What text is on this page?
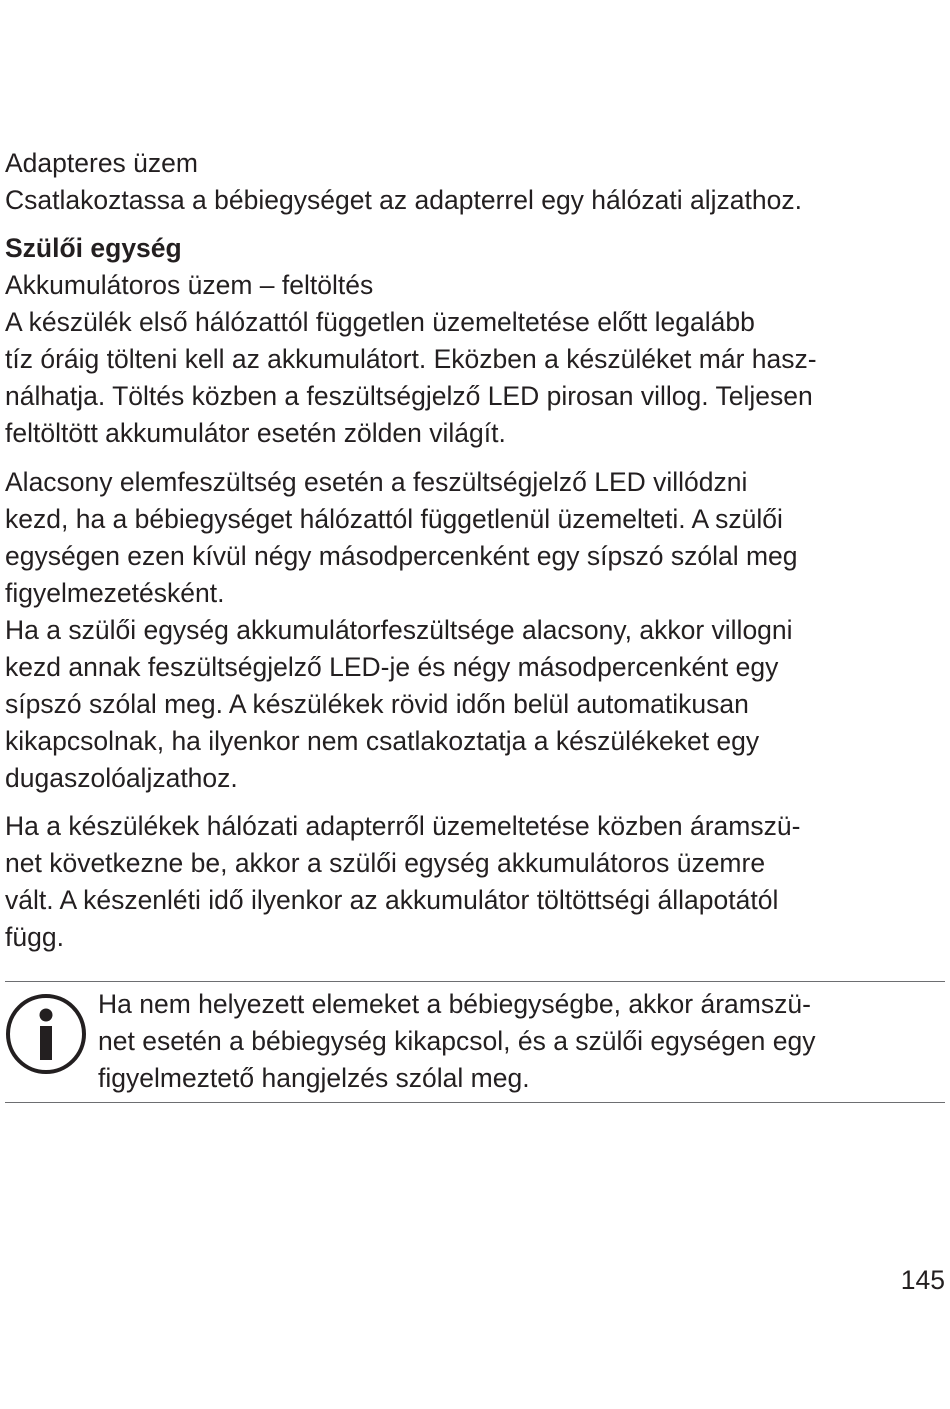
Adapteres üzem

Csatlakoztassa a bébiegységet az adapterrel egy hálózati aljzathoz.

Szülői egység

Akkumulátoros üzem – feltöltés

A készülék első hálózattól független üzemeltetése előtt legalább

tíz óráig tölteni kell az akkumulátort. Eközben a készüléket már hasz-

nálhatja. Töltés közben a feszültségjelző LED pirosan villog. Teljesen

feltöltött akkumulátor esetén zölden világít.

Alacsony elemfeszültség esetén a feszültségjelző LED villódzni

kezd, ha a bébiegységet hálózattól függetlenül üzemelteti. A szülői

egységen ezen kívül négy másodpercenként egy sípszó szólal meg

figyelmezetésként.

Ha a szülői egység akkumulátorfeszültsége alacsony, akkor villogni

kezd annak feszültségjelző LED-je és négy másodpercenként egy

sípszó szólal meg. A készülékek rövid időn belül automatikusan

kikapcsolnak, ha ilyenkor nem csatlakoztatja a készülékeket egy

dugaszolóaljzathoz.

Ha a készülékek hálózati adapterről üzemeltetése közben áramszü-

net következne be, akkor a szülői egység akkumulátoros üzemre

vált. A készenléti idő ilyenkor az akkumulátor töltöttségi állapotától

függ.

Ha nem helyezett elemeket a bébiegységbe, akkor áramszü-

net esetén a bébiegység kikapcsol, és a szülői egységen egy

figyelmeztető hangjelzés szólal meg.

145
